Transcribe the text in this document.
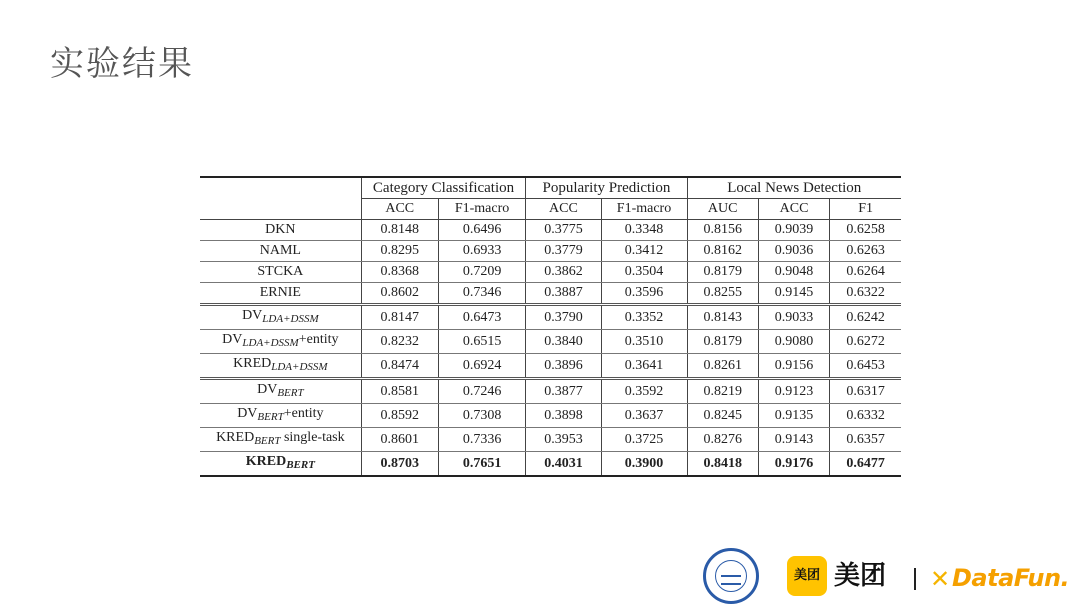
实验结果
	Category Classification		Popularity Prediction		Local News Detection		
	ACC	F1-macro	ACC	F1-macro	AUC	ACC	F1
DKN	0.8148	0.6496	0.3775	0.3348	0.8156	0.9039	0.6258
NAML	0.8295	0.6933	0.3779	0.3412	0.8162	0.9036	0.6263
STCKA	0.8368	0.7209	0.3862	0.3504	0.8179	0.9048	0.6264
ERNIE	0.8602	0.7346	0.3887	0.3596	0.8255	0.9145	0.6322
$DV_{LDA+DSSM}$	0.8147	0.6473	0.3790	0.3352	0.8143	0.9033	0.6242
$DV_{LDA+DSSM}+entity$	0.8232	0.6515	0.3840	0.3510	0.8179	0.9080	0.6272
$KRED_{LDA+DSSM}$	0.8474	0.6924	0.3896	0.3641	0.8261	0.9156	0.6453
$DV_{BERT}$	0.8581	0.7246	0.3877	0.3592	0.8219	0.9123	0.6317
$DV_{BERT}+entity$	0.8592	0.7308	0.3898	0.3637	0.8245	0.9135	0.6332
$KRED_{BERT}$ single-task	0.8601	0.7336	0.3953	0.3725	0.8276	0.9143	0.6357
$KRED_{BERT}$	0.8703	0.7651	0.4031	0.3900	0.8418	0.9176	0.6477
美团 美团 ✕ DataFun.
